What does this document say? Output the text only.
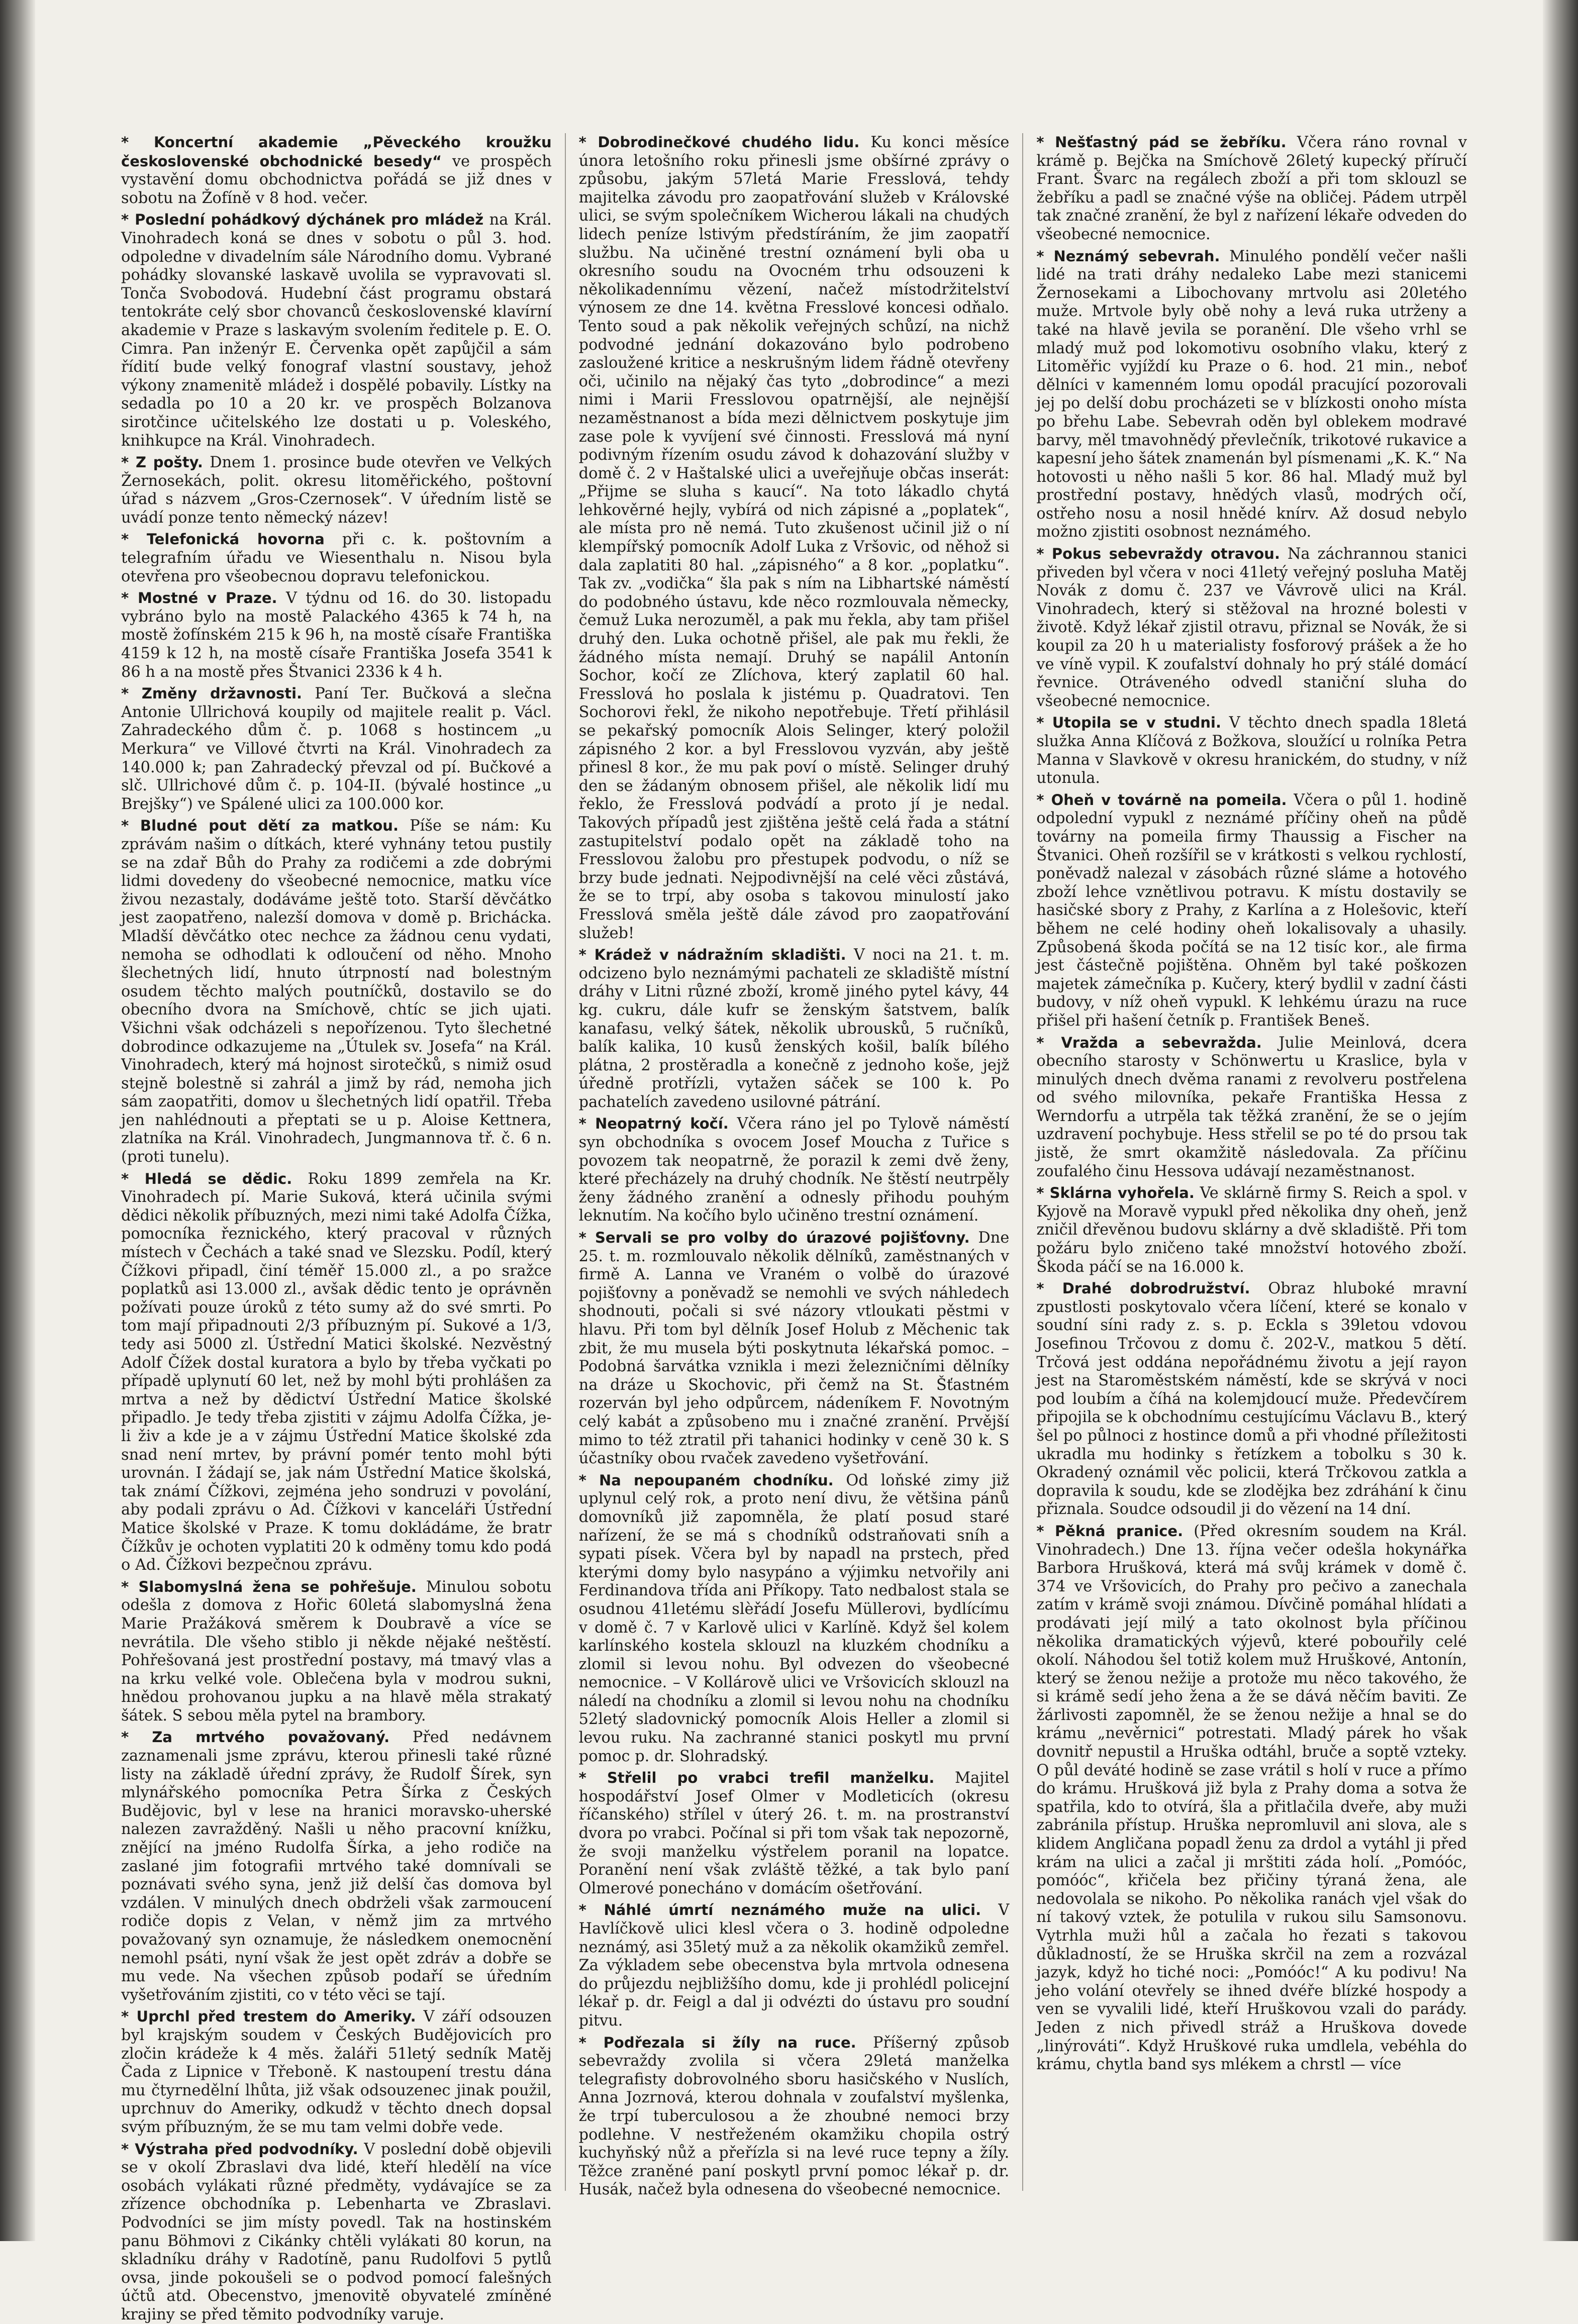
* Koncertní akademie „Pěveckého kroužku československé obchodnické besedy“ ve prospěch vystavění domu obchodnictva pořádá se již dnes v sobotu na Žofíně v 8 hod. večer.

* Poslední pohádkový dýchánek pro mládež na Král. Vinohradech koná se dnes v sobotu o půl 3. hod. odpoledne v divadelním sále Národního domu. Vybrané pohádky slovanské laskavě uvolila se vypravovati sl. Tonča Svobodová. Hudební část programu obstará tentokráte celý sbor chovanců československé klavírní akademie v Praze s laskavým svolením ředitele p. E. O. Cimra. Pan inženýr E. Červenka opět zapůjčil a sám řídití bude velký fonograf vlastní soustavy, jehož výkony znamenitě mládež i dospělé pobavily. Lístky na sedadla po 10 a 20 kr. ve prospěch Bolzanova sirotčince učitelského lze dostati u p. Voleského, knihkupce na Král. Vinohradech.

* Z pošty. Dnem 1. prosince bude otevřen ve Velkých Žernosekách, polit. okresu litoměřického, poštovní úřad s názvem „Gros-Czernosek“. V úředním listě se uvádí ponze tento německý název!

* Telefonická hovorna při c. k. poštovním a telegrafním úřadu ve Wiesenthalu n. Nisou byla otevřena pro všeobecnou dopravu telefonickou.

* Mostné v Praze. V týdnu od 16. do 30. listopadu vybráno bylo na mostě Palackého 4365 k 74 h, na mostě žofínském 215 k 96 h, na mostě císaře Františka 4159 k 12 h, na mostě císaře Františka Josefa 3541 k 86 h a na mostě přes Štvanici 2336 k 4 h.

* Změny državnosti. Paní Ter. Bučková a slečna Antonie Ullrichová koupily od majitele realit p. Václ. Zahradeckého dům č. p. 1068 s hostincem „u Merkura“ ve Villové čtvrti na Král. Vinohradech za 140.000 k; pan Zahradecký převzal od pí. Bučkové a slč. Ullrichové dům č. p. 104-II. (bývalé hostince „u Brejšky“) ve Spálené ulici za 100.000 kor.

* Bludné pout dětí za matkou. Píše se nám: Ku zprávám našim o dítkách, které vyhnány tetou pustily se na zdař Bůh do Prahy za rodičemi a zde dobrými lidmi dovedeny do všeobecné nemocnice, matku více živou nezastaly, dodáváme ještě toto. Starší děvčátko jest zaopatřeno, nalezší domova v domě p. Brichácka. Mladší děvčátko otec nechce za žádnou cenu vydati, nemoha se odhodlati k odloučení od něho. Mnoho šlechetných lidí, hnuto útrpností nad bolestným osudem těchto malých poutníčků, dostavilo se do obecního dvora na Smíchově, chtíc se jich ujati. Všichni však odcházeli s nepořízenou. Tyto šlechetné dobrodince odkazujeme na „Útulek sv. Josefa“ na Král. Vinohradech, který má hojnost sirotečků, s nimiž osud stejně bolestně si zahrál a jimž by rád, nemoha jich sám zaopatřiti, domov u šlechetných lidí opatřil. Třeba jen nahlédnouti a přeptati se u p. Aloise Kettnera, zlatníka na Král. Vinohradech, Jungmannova tř. č. 6 n. (proti tunelu).

* Hledá se dědic. Roku 1899 zemřela na Kr. Vinohradech pí. Marie Suková, která učinila svými dědici několik příbuzných, mezi nimi také Adolfa Čížka, pomocníka řeznického, který pracoval v různých místech v Čechách a také snad ve Slezsku. Podíl, který Čížkovi připadl, činí téměř 15.000 zl., a po sražce poplatků asi 13.000 zl., avšak dědic tento je oprávněn požívati pouze úroků z této sumy až do své smrti. Po tom mají připadnouti 2/3 příbuzným pí. Sukové a 1/3, tedy asi 5000 zl. Ústřední Matici školské. Nezvěstný Adolf Čížek dostal kuratora a bylo by třeba vyčkati po případě uplynutí 60 let, než by mohl býti prohlášen za mrtva a než by dědictví Ústřední Matice školské připadlo. Je tedy třeba zjistiti v zájmu Adolfa Čížka, je-li živ a kde je a v zájmu Ústřední Matice školské zda snad není mrtev, by právní pomér tento mohl býti urovnán. I žádají se, jak nám Ústřední Matice školská, tak známí Čížkovi, zejména jeho sondruzi v povolání, aby podali zprávu o Ad. Čížkovi v kanceláři Ústřední Matice školské v Praze. K tomu dokládáme, že bratr Čížkův je ochoten vyplatiti 20 k odměny tomu kdo podá o Ad. Čížkovi bezpečnou zprávu.

* Slabomyslná žena se pohřešuje. Minulou sobotu odešla z domova z Hořic 60letá slabomyslná žena Marie Pražáková směrem k Doubravě a více se nevrátila. Dle všeho stiblo ji někde nějaké neštěstí. Pohřešovaná jest prostřední postavy, má tmavý vlas a na krku velké vole. Oblečena byla v modrou sukni, hnědou prohovanou jupku a na hlavě měla strakatý šátek. S sebou měla pytel na brambory.

* Za mrtvého považovaný. Před nedávnem zaznamenali jsme zprávu, kterou přinesli také různé listy na základě úřední zprávy, že Rudolf Šírek, syn mlynářského pomocníka Petra Šírka z Českých Budějovic, byl v lese na hranici moravsko-uherské nalezen zavražděný. Našli u něho pracovní knížku, znějící na jméno Rudolfa Šírka, a jeho rodiče na zaslané jim fotografii mrtvého také domnívali se poznávati svého syna, jenž již delší čas domova byl vzdálen. V minulých dnech obdrželi však zarmoucení rodiče dopis z Velan, v němž jim za mrtvého považovaný syn oznamuje, že následkem onemocnění nemohl psáti, nyní však že jest opět zdráv a dobře se mu vede. Na všechen způsob podaří se úředním vyšetřováním zjistiti, co v této věci se tají.

* Uprchl před trestem do Ameriky. V září odsouzen byl krajským soudem v Českých Budějovicích pro zločin krádeže k 4 měs. žaláři 51letý sedník Matěj Čada z Lipnice v Třeboně. K nastoupení trestu dána mu čtyrnedělní lhůta, již však odsouzenec jinak použil, uprchnuv do Ameriky, odkudž v těchto dnech dopsal svým příbuzným, že se mu tam velmi dobře vede.

* Výstraha před podvodníky. V poslední době objevili se v okolí Zbraslavi dva lidé, kteří hledělí na více osobách vylákati různé předměty, vydávajíce se za zřízence obchodníka p. Lebenharta ve Zbraslavi. Podvodníci se jim místy povedl. Tak na hostinském panu Böhmovi z Cikánky chtěli vylákati 80 korun, na skladníku dráhy v Radotíně, panu Rudolfovi 5 pytlů ovsa, jinde pokoušeli se o podvod pomocí falešných účtů atd. Obecenstvo, jmenovitě obyvatelé zmíněné krajiny se před těmito podvodníky varuje.

* Dobrodinečkové chudého lidu. Ku konci měsíce února letošního roku přinesli jsme obšírné zprávy o způsobu, jakým 57letá Marie Fresslová, tehdy majitelka závodu pro zaopatřování služeb v Královské ulici, se svým společníkem Wicherou lákali na chudých lidech peníze lstivým předstíráním, že jim zaopatří službu. Na učiněné trestní oznámení byli oba u okresního soudu na Ovocném trhu odsouzeni k několikadennímu vězení, načež místodržitelství výnosem ze dne 14. května Fresslové koncesi odňalo. Tento soud a pak několik veřejných schůzí, na nichž podvodné jednání dokazováno bylo podrobeno zasloužené kritice a neskrušným lidem řádně otevřeny oči, učinilo na nějaký čas tyto „dobrodince“ a mezi nimi i Marii Fresslovou opatrnější, ale nejnější nezaměstnanost a bída mezi dělnictvem poskytuje jim zase pole k vyvíjení své činnosti. Fresslová má nyní podivným řízením osudu závod k dohazování služby v domě č. 2 v Haštalské ulici a uveřejňuje občas inserát: „Přijme se sluha s kaucí“. Na toto lákadlo chytá lehkověrné hejly, vybírá od nich zápisné a „poplatek“, ale místa pro ně nemá. Tuto zkušenost učinil již o ní klempířský pomocník Adolf Luka z Vršovic, od něhož si dala zaplatiti 80 hal. „zápisného“ a 8 kor. „poplatku“. Tak zv. „vodička“ šla pak s ním na Libhartské náměstí do podobného ústavu, kde něco rozmlouvala německy, čemuž Luka nerozuměl, a pak mu řekla, aby tam přišel druhý den. Luka ochotně přišel, ale pak mu řekli, že žádného místa nemají. Druhý se napálil Antonín Sochor, kočí ze Zlíchova, který zaplatil 60 hal. Fresslová ho poslala k jistému p. Quadratovi. Ten Sochorovi řekl, že nikoho nepotřebuje. Třetí přihlásil se pekařský pomocník Alois Selinger, který položil zápisného 2 kor. a byl Fresslovou vyzván, aby ještě přinesl 8 kor., že mu pak poví o místě. Selinger druhý den se žádaným obnosem přišel, ale několik lidí mu řeklo, že Fresslová podvádí a proto jí je nedal. Takových případů jest zjištěna ještě celá řada a státní zastupitelství podalo opět na základě toho na Fresslovou žalobu pro přestupek podvodu, o níž se brzy bude jednati. Nejpodivnější na celé věci zůstává, že se to trpí, aby osoba s takovou minulostí jako Fresslová směla ještě dále závod pro zaopatřování služeb!

* Krádež v nádražním skladišti. V noci na 21. t. m. odcizeno bylo neznámými pachateli ze skladiště místní dráhy v Litni různé zboží, kromě jiného pytel kávy, 44 kg. cukru, dále kufr se ženským šatstvem, balík kanafasu, velký šátek, několik ubrousků, 5 ručníků, balík kalika, 10 kusů ženských košil, balík bílého plátna, 2 prostěradla a konečně z jednoho koše, jejž úředně protřízli, vytažen sáček se 100 k. Po pachatelích zavedeno usilovné pátrání.

* Neopatrný kočí. Včera ráno jel po Tylově náměstí syn obchodníka s ovocem Josef Moucha z Tuřice s povozem tak neopatrně, že porazil k zemi dvě ženy, které přecházely na druhý chodník. Ne štěstí neutrpěly ženy žádného zranění a odnesly přihodu pouhým leknutím. Na kočího bylo učiněno trestní oznámení.

* Servali se pro volby do úrazové pojišťovny. Dne 25. t. m. rozmlouvalo několik dělníků, zaměstnaných v firmě A. Lanna ve Vraném o volbě do úrazové pojišťovny a poněvadž se nemohli ve svých náhledech shodnouti, počali si své názory vtloukati pěstmi v hlavu. Při tom byl dělník Josef Holub z Měchenic tak zbit, že mu musela býti poskytnuta lékařská pomoc. – Podobná šarvátka vznikla i mezi železničními dělníky na dráze u Skochovic, při čemž na St. Šťastném rozerván byl jeho odpůrcem, nádeníkem F. Novotným celý kabát a způsobeno mu i značné zranění. Prvější mimo to též ztratil při tahanici hodinky v ceně 30 k. S účastníky obou rvaček zavedeno vyšetřování.

* Na nepoupaném chodníku. Od loňské zimy již uplynul celý rok, a proto není divu, že většina pánů domovníků již zapomněla, že platí posud staré nařízení, že se má s chodníků odstraňovati sníh a sypati písek. Včera byl by napadl na prstech, před kterými domy bylo nasypáno a výjimku netvořily ani Ferdinandova třída ani Příkopy. Tato nedbalost stala se osudnou 41letému slèřádí Josefu Müllerovi, bydlícímu v domě č. 7 v Karlově ulici v Karlíně. Když šel kolem karlínského kostela sklouzl na kluzkém chodníku a zlomil si levou nohu. Byl odvezen do všeobecné nemocnice. – V Kollárově ulici ve Vršovicích sklouzl na náledí na chodníku a zlomil si levou nohu na chodníku 52letý sladovnický pomocník Alois Heller a zlomil si levou ruku. Na zachranné stanici poskytl mu první pomoc p. dr. Slohradský.

* Střelil po vrabci trefil manželku. Majitel hospodářství Josef Olmer v Modleticích (okresu říčanského) střílel v úterý 26. t. m. na prostranství dvora po vrabci. Počínal si při tom však tak nepozorně, že svoji manželku výstřelem poranil na lopatce. Poranění není však zvláště těžké, a tak bylo paní Olmerové ponecháno v domácím ošetřování.

* Náhlé úmrtí neznámého muže na ulici. V Havlíčkově ulici klesl včera o 3. hodině odpoledne neznámý, asi 35letý muž a za několik okamžiků zemřel. Za výkladem sebe obecenstva byla mrtvola odnesena do průjezdu nejbližšího domu, kde ji prohlédl policejní lékař p. dr. Feigl a dal ji odvézti do ústavu pro soudní pitvu.

* Podřezala si žíly na ruce. Příšerný způsob sebevraždy zvolila si včera 29letá manželka telegrafisty dobrovolného sboru hasičského v Nuslích, Anna Jozrnová, kterou dohnala v zoufalství myšlenka, že trpí tuberculosou a že zhoubné nemoci brzy podlehne. V nestřeženém okamžiku chopila ostrý kuchyňský nůž a přeřízla si na levé ruce tepny a žíly. Těžce zraněné paní poskytl první pomoc lékař p. dr. Husák, načež byla odnesena do všeobecné nemocnice.

* Nešťastný pád se žebříku. Včera ráno rovnal v krámě p. Bejčka na Smíchově 26letý kupecký příručí Frant. Švarc na regálech zboží a při tom sklouzl se žebříku a padl se značné výše na obličej. Pádem utrpěl tak značné zranění, že byl z nařízení lékaře odveden do všeobecné nemocnice.

* Neznámý sebevrah. Minulého pondělí večer našli lidé na trati dráhy nedaleko Labe mezi stanicemi Žernosekami a Libochovany mrtvolu asi 20letého muže. Mrtvole byly obě nohy a levá ruka utrženy a také na hlavě jevila se poranění. Dle všeho vrhl se mladý muž pod lokomotivu osobního vlaku, který z Litoměřic vyjíždí ku Praze o 6. hod. 21 min., neboť dělníci v kamenném lomu opodál pracující pozorovali jej po delší dobu procházeti se v blízkosti onoho místa po břehu Labe. Sebevrah oděn byl oblekem modravé barvy, měl tmavohnědý převlečník, trikotové rukavice a kapesní jeho šátek znamenán byl písmenami „K. K.“ Na hotovosti u něho našli 5 kor. 86 hal. Mladý muž byl prostřední postavy, hnědých vlasů, modrých očí, ostřeho nosu a nosil hnědé knírv. Až dosud nebylo možno zjistiti osobnost neznámého.

* Pokus sebevraždy otravou. Na záchrannou stanici přiveden byl včera v noci 41letý veřejný posluha Matěj Novák z domu č. 237 ve Vávrově ulici na Král. Vinohradech, který si stěžoval na hrozné bolesti v životě. Když lékař zjistil otravu, přiznal se Novák, že si koupil za 20 h u materialisty fosforový prášek a že ho ve víně vypil. K zoufalství dohnaly ho prý stálé domácí řevnice. Otráveného odvedl staniční sluha do všeobecné nemocnice.

* Utopila se v studni. V těchto dnech spadla 18letá služka Anna Klíčová z Božkova, sloužící u rolníka Petra Manna v Slavkově v okresu hranickém, do studny, v níž utonula.

* Oheň v továrně na pomeila. Včera o půl 1. hodině odpolední vypukl z neznámé příčiny oheň na půdě továrny na pomeila firmy Thaussig a Fischer na Štvanici. Oheň rozšířil se v krátkosti s velkou rychlostí, poněvadž nalezal v zásobách různé sláme a hotového zboží lehce vznětlivou potravu. K místu dostavily se hasičské sbory z Prahy, z Karlína a z Holešovic, kteří během ne celé hodiny oheň lokalisovaly a uhasily. Způsobená škoda počítá se na 12 tisíc kor., ale firma jest částečně pojištěna. Ohněm byl také poškozen majetek zámečníka p. Kučery, který bydlil v zadní části budovy, v níž oheň vypukl. K lehkému úrazu na ruce přišel při hašení četník p. František Beneš.

* Vražda a sebevražda. Julie Meinlová, dcera obecního starosty v Schönwertu u Kraslice, byla v minulých dnech dvěma ranami z revolveru postřelena od svého milovníka, pekaře Františka Hessa z Werndorfu a utrpěla tak těžká zranění, že se o jejím uzdravení pochybuje. Hess střelil se po té do prsou tak jistě, že smrt okamžitě následovala. Za příčinu zoufalého činu Hessova udávají nezaměstnanost.

* Sklárna vyhořela. Ve sklárně firmy S. Reich a spol. v Kyjově na Moravě vypukl před několika dny oheň, jenž zničil dřevěnou budovu sklárny a dvě skladiště. Při tom požáru bylo zničeno také množství hotového zboží. Škoda páčí se na 16.000 k.

* Drahé dobrodružství. Obraz hluboké mravní zpustlosti poskytovalo včera líčení, které se konalo v soudní síni rady z. s. p. Eckla s 39letou vdovou Josefinou Trčovou z domu č. 202-V., matkou 5 dětí. Trčová jest oddána nepořádnému životu a její rayon jest na Staroměstském náměstí, kde se skrývá v noci pod loubím a číhá na kolemjdoucí muže. Předevčírem připojila se k obchodnímu cestujícímu Václavu B., který šel po půlnoci z hostince domů a při vhodné příležitosti ukradla mu hodinky s řetízkem a tobolku s 30 k. Okradený oznámil věc policii, která Trčkovou zatkla a dopravila k soudu, kde se zlodějka bez zdráhání k činu přiznala. Soudce odsoudil ji do vězení na 14 dní.

* Pěkná pranice. (Před okresním soudem na Král. Vinohradech.) Dne 13. října večer odešla hokynářka Barbora Hrušková, která má svůj krámek v domě č. 374 ve Vršovicích, do Prahy pro pečivo a zanechala zatím v krámě svoji známou. Dívčině pomáhal hlídati a prodávati její milý a tato okolnost byla příčinou několika dramatických výjevů, které pobouřily celé okolí. Náhodou šel totiž kolem muž Hruškové, Antonín, který se ženou nežije a protože mu něco takového, že si krámě sedí jeho žena a že se dává něčím baviti. Ze žárlivosti zapomněl, že se ženou nežije a hnal se do krámu „nevěrnici“ potrestati. Mladý párek ho však dovnitř nepustil a Hruška odtáhl, bruče a soptě vzteky. O půl deváté hodině se zase vrátil s holí v ruce a přímo do krámu. Hrušková již byla z Prahy doma a sotva že spatřila, kdo to otvírá, šla a přitlačila dveře, aby muži zabránila přístup. Hruška nepromluvil ani slova, ale s klidem Angličana popadl ženu za drdol a vytáhl ji před krám na ulici a začal ji mrštiti záda holí. „Pomóóc, pomóóc“, křičela bez přičiny týraná žena, ale nedovolala se nikoho. Po několika ranách vjel však do ní takový vztek, že potulila v rukou silu Samsonovu. Vytrhla muži hůl a začala ho řezati s takovou důkladností, že se Hruška skrčil na zem a rozvázal jazyk, když ho tiché noci: „Pomóóc!“ A ku podivu! Na jeho volání otevřely se ihned dvéře blízké hospody a ven se vyvalili lidé, kteří Hruškovou vzali do parády. Jeden z nich přivedl stráž a Hruškova dovede „linýrováti“. Když Hruškové ruka umdlela, vebéhla do krámu, chytla band sys mlékem a chrstl — více
